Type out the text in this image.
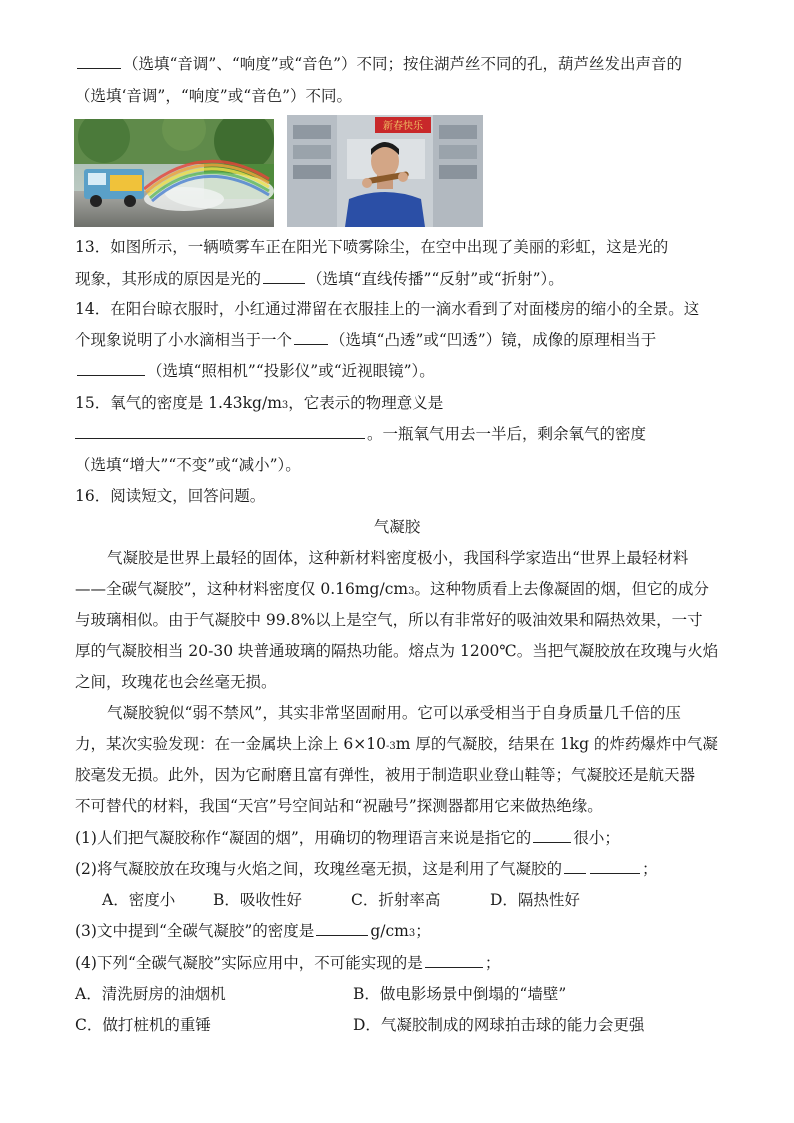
（选填“音调”、“响度”或“音色”）不同；按住湖芦丝不同的孔，葫芦丝发出声音的
（选填‘音调”，“响度”或“音色”）不同。
新春快乐
13．如图所示，一辆喷雾车正在阳光下喷雾除尘，在空中出现了美丽的彩虹，这是光的
现象，其形成的原因是光的	（选填“直线传播”“反射”或“折射”）。
14．在阳台晾衣服时，小红通过滞留在衣服挂上的一滴水看到了对面楼房的缩小的全景。这
个现象说明了小水滴相当于一个 （选填“凸透”或“凹透”）镜，成像的原理相当于
（选填“照相机”“投影仪”或“近视眼镜”）。
15．氧气的密度是 1.43kg/m3，它表示的物理意义是
。一瓶氧气用去一半后，剩余氧气的密度
（选填“增大”“不变”或“减小”）。
16．阅读短文，回答问题。
气凝胶
气凝胶是世界上最轻的固体，这种新材料密度极小，我国科学家造出“世界上最轻材料
——全碳气凝胶”，这种材料密度仅 0.16mg/cm3。这种物质看上去像凝固的烟，但它的成分
与玻璃相似。由于气凝胶中 99.8%以上是空气，所以有非常好的吸油效果和隔热效果，一寸
厚的气凝胶相当 20-30 块普通玻璃的隔热功能。熔点为 1200℃。当把气凝胶放在玫瑰与火焰
之间，玫瑰花也会丝毫无损。
气凝胶貌似“弱不禁风”，其实非常坚固耐用。它可以承受相当于自身质量几千倍的压
力，某次实验发现：在一金属块上涂上 6×10-3m 厚的气凝胶，结果在 1kg 的炸药爆炸中气凝
胶毫发无损。此外，因为它耐磨且富有弹性，被用于制造职业登山鞋等；气凝胶还是航天器
不可替代的材料，我国“天宫”号空间站和“祝融号”探测器都用它来做热绝缘。
(1)人们把气凝胶称作“凝固的烟”，用确切的物理语言来说是指它的	很小；
(2)将气凝胶放在玫瑰与火焰之间，玫瑰丝毫无损，这是利用了气凝胶的	；
A．密度小 B．吸收性好	C．折射率高	D．隔热性好
(3)文中提到“全碳气凝胶”的密度是	g/cm3；
(4)下列“全碳气凝胶”实际应用中，不可能实现的是	；
A．清洗厨房的油烟机	B．做电影场景中倒塌的“墙壁”
C．做打桩机的重锤	D．气凝胶制成的网球拍击球的能力会更强
